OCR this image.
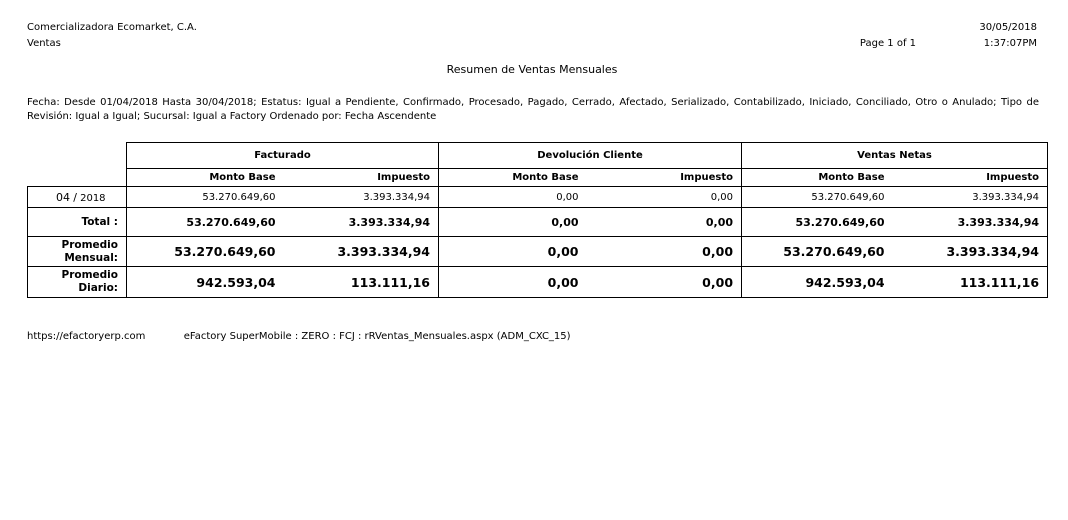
Comercializadora Ecomarket, C.A.
Ventas
30/05/2018
1:37:07PM
Page 1 of 1
Resumen de Ventas Mensuales
Fecha: Desde 01/04/2018 Hasta 30/04/2018; Estatus: Igual a Pendiente, Confirmado, Procesado, Pagado, Cerrado, Afectado, Serializado, Contabilizado, Iniciado, Conciliado, Otro o Anulado; Tipo de Revisión: Igual a Igual; Sucursal: Igual a Factory Ordenado por: Fecha Ascendente
	Facturado		Devolución Cliente		Ventas Netas	
	Monto Base	Impuesto	Monto Base	Impuesto	Monto Base	Impuesto
04 / 2018	53.270.649,60	3.393.334,94	0,00	0,00	53.270.649,60	3.393.334,94
Total :	53.270.649,60	3.393.334,94	0,00	0,00	53.270.649,60	3.393.334,94

Promedio
Mensual:	53.270.649,60	3.393.334,94	0,00	0,00	53.270.649,60	3.393.334,94

Promedio
Diario:	942.593,04	113.111,16	0,00	0,00	942.593,04	113.111,16
https://efactoryerp.com	eFactory SuperMobile : ZERO : FCJ : rRVentas_Mensuales.aspx (ADM_CXC_15)
